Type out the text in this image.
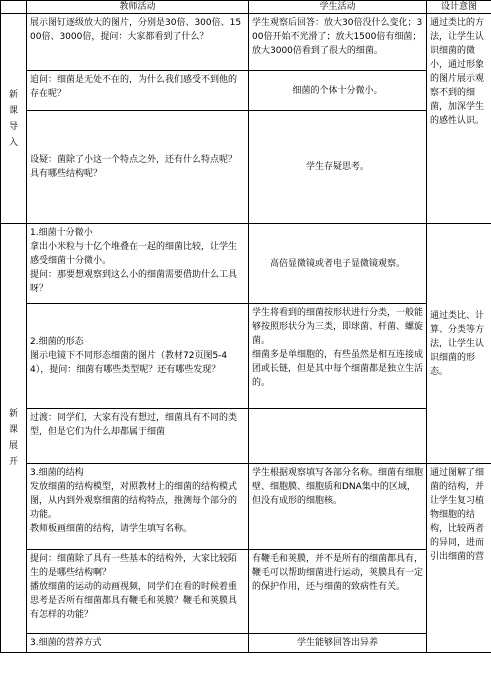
	教师活动	学生活动	设计意图

新课导入	展示图钉逐级放大的图片，分别是30倍、300倍、1500倍、3000倍，提问：大家都看到了什么？	学生观察后回答：放大30倍没什么变化；300倍开始不光滑了；放大1500倍有细菌；放大3000倍看到了很大的细菌。	通过类比的方法，让学生认识细菌的微小，通过形象的图片展示观察不到的细菌，加深学生的感性认识。

	追问：细菌是无处不在的，为什么我们感受不到他的存在呢？	细菌的个体十分微小。	

	设疑：菌除了小这一个特点之外，还有什么特点呢？具有哪些结构呢？	学生存疑思考。	

新课展开	1.细菌十分微小
拿出小米粒与十亿个堆叠在一起的细菌比较，让学生感受细菌十分微小。
提问：那要想观察到这么小的细菌需要借助什么工具呀？	高倍显微镜或者电子显微镜观察。	通过类比、计算、分类等方法，让学生认识细菌的形态。

	2.细菌的形态
图示电镜下不同形态细菌的图片（教材72页图5-44），提问：细菌有哪些类型呢？还有哪些发现？	学生将看到的细菌按形状进行分类，一般能够按照形状分为三类，即球菌、杆菌、螺旋菌。
细菌多是单细胞的，有些虽然是相互连接成团或长链，但是其中每个细菌都是独立生活的。	

	过渡：同学们，大家有没有想过，细菌具有不同的类型，但是它们为什么却都属于细菌		

	3.细菌的结构
发放细菌的结构模型，对照教材上的细菌的结构模式图，从内到外观察细菌的结构特点，推测每个部分的功能。
教师板画细菌的结构，请学生填写名称。	学生根据观察填写各部分名称。细菌有细胞壁、细胞膜、细胞质和DNA集中的区域，但没有成形的细胞核。	通过图解了细菌的结构，并让学生复习植物细胞的结构，比较两者的异同，进而引出细菌的营

	提问：细菌除了具有一些基本的结构外，大家比较陌生的是哪些结构啊？
播放细菌的运动的动画视频，同学们在看的时候着重思考是否所有细菌都具有鞭毛和荚膜？鞭毛和荚膜具有怎样的功能？	有鞭毛和荚膜，并不是所有的细菌都具有，鞭毛可以帮助细菌进行运动，荚膜具有一定的保护作用，还与细菌的致病性有关。	

	3.细菌的营养方式	学生能够回答出异养	
